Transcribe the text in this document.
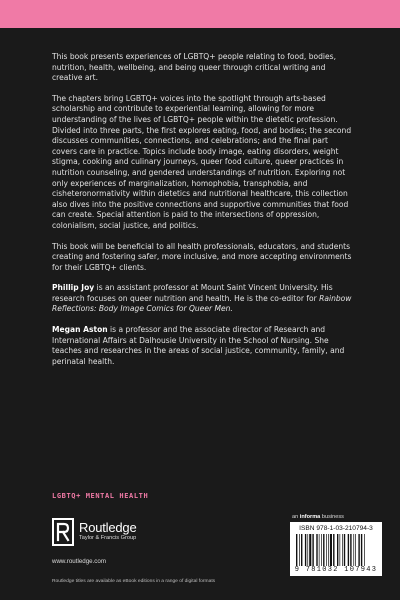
This book presents experiences of LGBTQ+ people relating to food, bodies, nutrition, health, wellbeing, and being queer through critical writing and creative art.

The chapters bring LGBTQ+ voices into the spotlight through arts-based scholarship and contribute to experiential learning, allowing for more understanding of the lives of LGBTQ+ people within the dietetic profession. Divided into three parts, the first explores eating, food, and bodies; the second discusses communities, connections, and celebrations; and the final part covers care in practice. Topics include body image, eating disorders, weight stigma, cooking and culinary journeys, queer food culture, queer practices in nutrition counseling, and gendered understandings of nutrition. Exploring not only experiences of marginalization, homophobia, transphobia, and cisheteronormativity within dietetics and nutritional healthcare, this collection also dives into the positive connections and supportive communities that food can create. Special attention is paid to the intersections of oppression, colonialism, social justice, and politics.

This book will be beneficial to all health professionals, educators, and students creating and fostering safer, more inclusive, and more accepting environments for their LGBTQ+ clients.

Phillip Joy is an assistant professor at Mount Saint Vincent University. His research focuses on queer nutrition and health. He is the co-editor for Rainbow Reflections: Body Image Comics for Queer Men.

Megan Aston is a professor and the associate director of Research and International Affairs at Dalhousie University in the School of Nursing. She teaches and researches in the areas of social justice, community, family, and perinatal health.

LGBTQ+ MENTAL HEALTH
Routledge
Taylor & Francis Group
www.routledge.com
Routledge titles are available as eBook editions in a range of digital formats
an informa business
ISBN 978-1-03-210794-3
9 781032 107943
